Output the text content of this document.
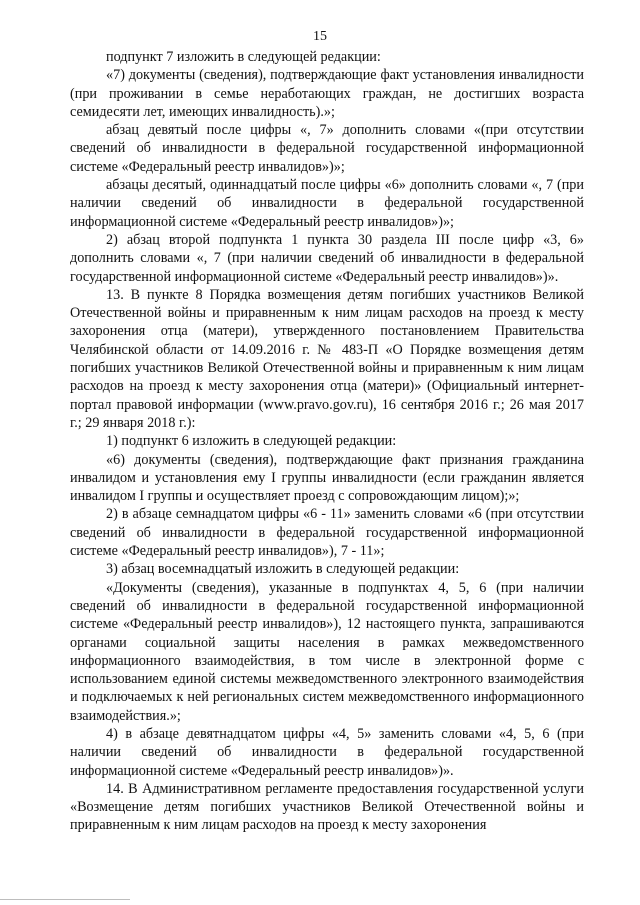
15

подпункт 7 изложить в следующей редакции:

«7) документы (сведения), подтверждающие факт установления инвалидности (при проживании в семье неработающих граждан, не достигших возраста семидесяти лет, имеющих инвалидность).»;

абзац девятый после цифры «, 7» дополнить словами «(при отсутствии сведений об инвалидности в федеральной государственной информационной системе «Федеральный реестр инвалидов»)»;

абзацы десятый, одиннадцатый после цифры «6» дополнить словами «, 7 (при наличии сведений об инвалидности в федеральной государственной информационной системе «Федеральный реестр инвалидов»)»;

2) абзац второй подпункта 1 пункта 30 раздела III после цифр «3, 6» дополнить словами «, 7 (при наличии сведений об инвалидности в федеральной государственной информационной системе «Федеральный реестр инвалидов»)».

13. В пункте 8 Порядка возмещения детям погибших участников Великой Отечественной войны и приравненным к ним лицам расходов на проезд к месту захоронения отца (матери), утвержденного постановлением Правительства Челябинской области от 14.09.2016 г. № 483-П «О Порядке возмещения детям погибших участников Великой Отечественной войны и приравненным к ним лицам расходов на проезд к месту захоронения отца (матери)» (Официальный интернет-портал правовой информации (www.pravo.gov.ru), 16 сентября 2016 г.; 26 мая 2017 г.; 29 января 2018 г.):

1) подпункт 6 изложить в следующей редакции:

«6) документы (сведения), подтверждающие факт признания гражданина инвалидом и установления ему I группы инвалидности (если гражданин является инвалидом I группы и осуществляет проезд с сопровождающим лицом);»;

2) в абзаце семнадцатом цифры «6 - 11» заменить словами «6 (при отсутствии сведений об инвалидности в федеральной государственной информационной системе «Федеральный реестр инвалидов»), 7 - 11»;

3) абзац восемнадцатый изложить в следующей редакции:

«Документы (сведения), указанные в подпунктах 4, 5, 6 (при наличии сведений об инвалидности в федеральной государственной информационной системе «Федеральный реестр инвалидов»), 12 настоящего пункта, запрашиваются органами социальной защиты населения в рамках межведомственного информационного взаимодействия, в том числе в электронной форме с использованием единой системы межведомственного электронного взаимодействия и подключаемых к ней региональных систем межведомственного информационного взаимодействия.»;

4) в абзаце девятнадцатом цифры «4, 5» заменить словами «4, 5, 6 (при наличии сведений об инвалидности в федеральной государственной информационной системе «Федеральный реестр инвалидов»)».

14. В Административном регламенте предоставления государственной услуги «Возмещение детям погибших участников Великой Отечественной войны и приравненным к ним лицам расходов на проезд к месту захоронения
